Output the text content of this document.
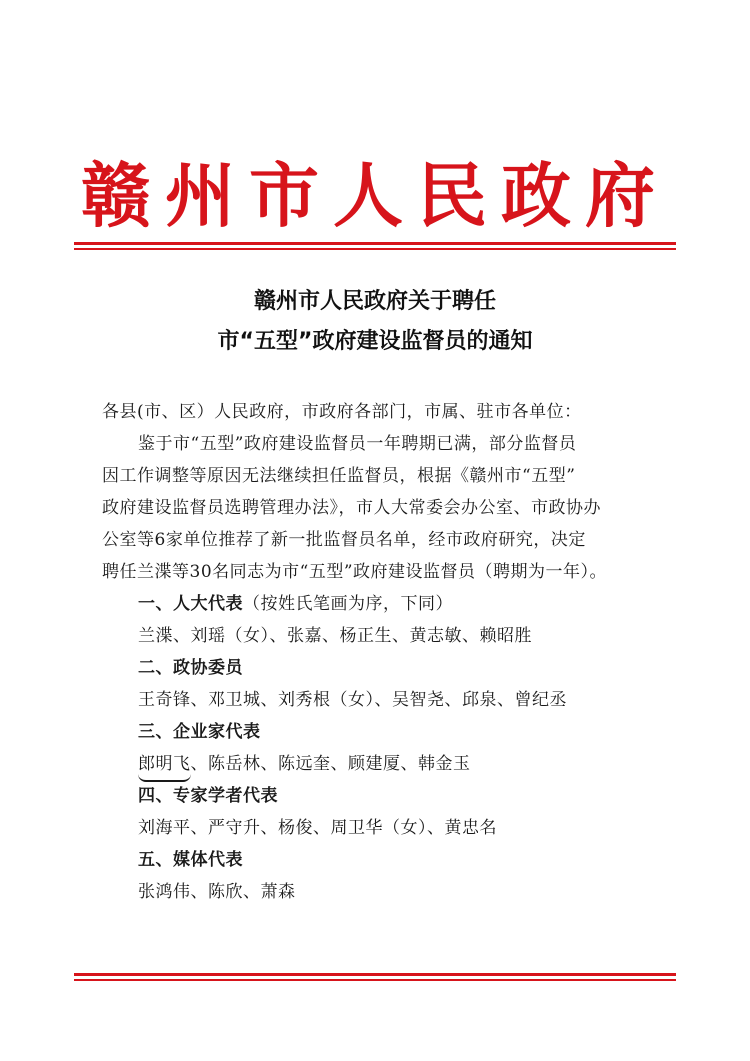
赣州市人民政府
赣州市人民政府关于聘任
市“五型”政府建设监督员的通知
各县(市、区）人民政府，市政府各部门，市属、驻市各单位：
鉴于市“五型”政府建设监督员一年聘期已满，部分监督员
因工作调整等原因无法继续担任监督员，根据《赣州市“五型”
政府建设监督员选聘管理办法》，市人大常委会办公室、市政协办
公室等6家单位推荐了新一批监督员名单，经市政府研究，决定
聘任兰渫等30名同志为市“五型”政府建设监督员（聘期为一年）。
一、人大代表（按姓氏笔画为序，下同）
兰渫、刘瑶（女）、张嘉、杨正生、黄志敏、赖昭胜
二、政协委员
王奇锋、邓卫城、刘秀根（女）、吴智尧、邱泉、曾纪丞
三、企业家代表
郎明飞、陈岳林、陈远奎、顾建厦、韩金玉
四、专家学者代表
刘海平、严守升、杨俊、周卫华（女）、黄忠名
五、媒体代表
张鸿伟、陈欣、萧森
